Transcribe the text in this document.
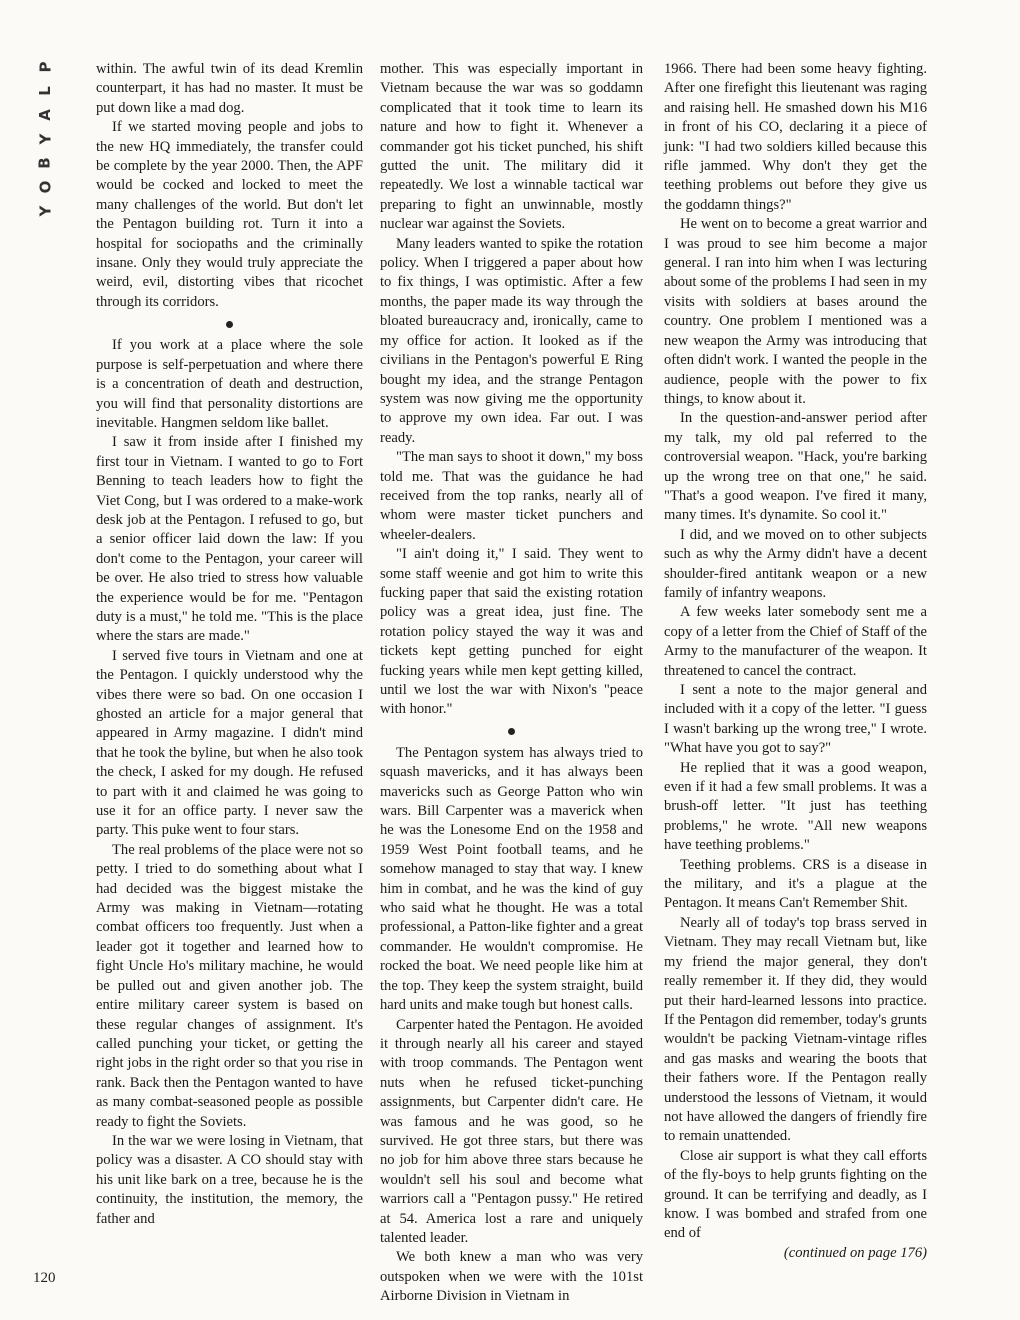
P
L
A
Y
B
O
Y

within. The awful twin of its dead Kremlin counterpart, it has had no master. It must be put down like a mad dog.

If we started moving people and jobs to the new HQ immediately, the transfer could be complete by the year 2000. Then, the APF would be cocked and locked to meet the many challenges of the world. But don't let the Pentagon building rot. Turn it into a hospital for sociopaths and the criminally insane. Only they would truly appreciate the weird, evil, distorting vibes that ricochet through its corridors.

If you work at a place where the sole purpose is self-perpetuation and where there is a concentration of death and destruction, you will find that personality distortions are inevitable. Hangmen seldom like ballet.

I saw it from inside after I finished my first tour in Vietnam. I wanted to go to Fort Benning to teach leaders how to fight the Viet Cong, but I was ordered to a make-work desk job at the Pentagon. I refused to go, but a senior officer laid down the law: If you don't come to the Pentagon, your career will be over. He also tried to stress how valuable the experience would be for me. "Pentagon duty is a must," he told me. "This is the place where the stars are made."

I served five tours in Vietnam and one at the Pentagon. I quickly understood why the vibes there were so bad. On one occasion I ghosted an article for a major general that appeared in Army magazine. I didn't mind that he took the byline, but when he also took the check, I asked for my dough. He refused to part with it and claimed he was going to use it for an office party. I never saw the party. This puke went to four stars.

The real problems of the place were not so petty. I tried to do something about what I had decided was the biggest mistake the Army was making in Vietnam—rotating combat officers too frequently. Just when a leader got it together and learned how to fight Uncle Ho's military machine, he would be pulled out and given another job. The entire military career system is based on these regular changes of assignment. It's called punching your ticket, or getting the right jobs in the right order so that you rise in rank. Back then the Pentagon wanted to have as many combat-seasoned people as possible ready to fight the Soviets.

In the war we were losing in Vietnam, that policy was a disaster. A CO should stay with his unit like bark on a tree, because he is the continuity, the institution, the memory, the father and

mother. This was especially important in Vietnam because the war was so goddamn complicated that it took time to learn its nature and how to fight it. Whenever a commander got his ticket punched, his shift gutted the unit. The military did it repeatedly. We lost a winnable tactical war preparing to fight an unwinnable, mostly nuclear war against the Soviets.

Many leaders wanted to spike the rotation policy. When I triggered a paper about how to fix things, I was optimistic. After a few months, the paper made its way through the bloated bureaucracy and, ironically, came to my office for action. It looked as if the civilians in the Pentagon's powerful E Ring bought my idea, and the strange Pentagon system was now giving me the opportunity to approve my own idea. Far out. I was ready.

"The man says to shoot it down," my boss told me. That was the guidance he had received from the top ranks, nearly all of whom were master ticket punchers and wheeler-dealers.

"I ain't doing it," I said. They went to some staff weenie and got him to write this fucking paper that said the existing rotation policy was a great idea, just fine. The rotation policy stayed the way it was and tickets kept getting punched for eight fucking years while men kept getting killed, until we lost the war with Nixon's "peace with honor."

The Pentagon system has always tried to squash mavericks, and it has always been mavericks such as George Patton who win wars. Bill Carpenter was a maverick when he was the Lonesome End on the 1958 and 1959 West Point football teams, and he somehow managed to stay that way. I knew him in combat, and he was the kind of guy who said what he thought. He was a total professional, a Patton-like fighter and a great commander. He wouldn't compromise. He rocked the boat. We need people like him at the top. They keep the system straight, build hard units and make tough but honest calls.

Carpenter hated the Pentagon. He avoided it through nearly all his career and stayed with troop commands. The Pentagon went nuts when he refused ticket-punching assignments, but Carpenter didn't care. He was famous and he was good, so he survived. He got three stars, but there was no job for him above three stars because he wouldn't sell his soul and become what warriors call a "Pentagon pussy." He retired at 54. America lost a rare and uniquely talented leader.

We both knew a man who was very outspoken when we were with the 101st Airborne Division in Vietnam in

1966. There had been some heavy fighting. After one firefight this lieutenant was raging and raising hell. He smashed down his M16 in front of his CO, declaring it a piece of junk: "I had two soldiers killed because this rifle jammed. Why don't they get the teething problems out before they give us the goddamn things?"

He went on to become a great warrior and I was proud to see him become a major general. I ran into him when I was lecturing about some of the problems I had seen in my visits with soldiers at bases around the country. One problem I mentioned was a new weapon the Army was introducing that often didn't work. I wanted the people in the audience, people with the power to fix things, to know about it.

In the question-and-answer period after my talk, my old pal referred to the controversial weapon. "Hack, you're barking up the wrong tree on that one," he said. "That's a good weapon. I've fired it many, many times. It's dynamite. So cool it."

I did, and we moved on to other subjects such as why the Army didn't have a decent shoulder-fired antitank weapon or a new family of infantry weapons.

A few weeks later somebody sent me a copy of a letter from the Chief of Staff of the Army to the manufacturer of the weapon. It threatened to cancel the contract.

I sent a note to the major general and included with it a copy of the letter. "I guess I wasn't barking up the wrong tree," I wrote. "What have you got to say?"

He replied that it was a good weapon, even if it had a few small problems. It was a brush-off letter. "It just has teething problems," he wrote. "All new weapons have teething problems."

Teething problems. CRS is a disease in the military, and it's a plague at the Pentagon. It means Can't Remember Shit.

Nearly all of today's top brass served in Vietnam. They may recall Vietnam but, like my friend the major general, they don't really remember it. If they did, they would put their hard-learned lessons into practice. If the Pentagon did remember, today's grunts wouldn't be packing Vietnam-vintage rifles and gas masks and wearing the boots that their fathers wore. If the Pentagon really understood the lessons of Vietnam, it would not have allowed the dangers of friendly fire to remain unattended.

Close air support is what they call efforts of the fly-boys to help grunts fighting on the ground. It can be terrifying and deadly, as I know. I was bombed and strafed from one end of

(continued on page 176)

120
